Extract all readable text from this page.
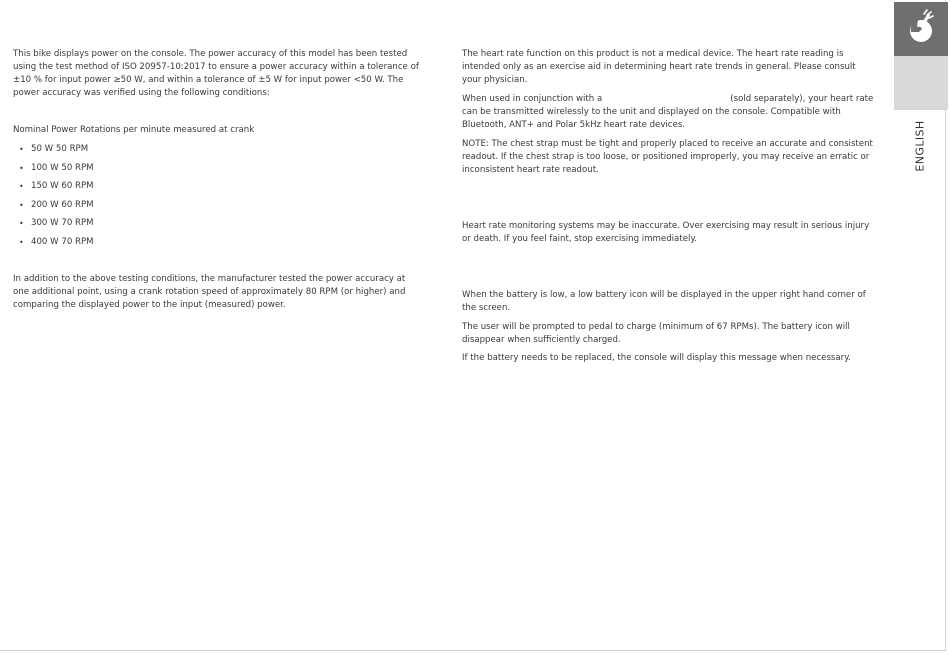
This bike displays power on the console. The power accuracy of this model has been tested using the test method of ISO 20957-10:2017 to ensure a power accuracy within a tolerance of ±10 % for input power ≥50 W, and within a tolerance of ±5 W for input power <50 W. The power accuracy was verified using the following conditions:

Nominal Power Rotations per minute measured at crank

• 50 W 50 RPM
• 100 W 50 RPM
• 150 W 60 RPM
• 200 W 60 RPM
• 300 W 70 RPM
• 400 W 70 RPM

In addition to the above testing conditions, the manufacturer tested the power accuracy at one additional point, using a crank rotation speed of approximately 80 RPM (or higher) and comparing the displayed power to the input (measured) power.

The heart rate function on this product is not a medical device. The heart rate reading is intended only as an exercise aid in determining heart rate trends in general. Please consult your physician.

When used in conjunction with a	(sold separately), your heart rate can be transmitted wirelessly to the unit and displayed on the console. Compatible with Bluetooth, ANT+ and Polar 5kHz heart rate devices.

NOTE: The chest strap must be tight and properly placed to receive an accurate and consistent readout. If the chest strap is too loose, or positioned improperly, you may receive an erratic or inconsistent heart rate readout.

Heart rate monitoring systems may be inaccurate. Over exercising may result in serious injury or death. If you feel faint, stop exercising immediately.

When the battery is low, a low battery icon will be displayed in the upper right hand corner of the screen.

The user will be prompted to pedal to charge (minimum of 67 RPMs). The battery icon will disappear when sufficiently charged.

If the battery needs to be replaced, the console will display this message when necessary.

ENGLISH
